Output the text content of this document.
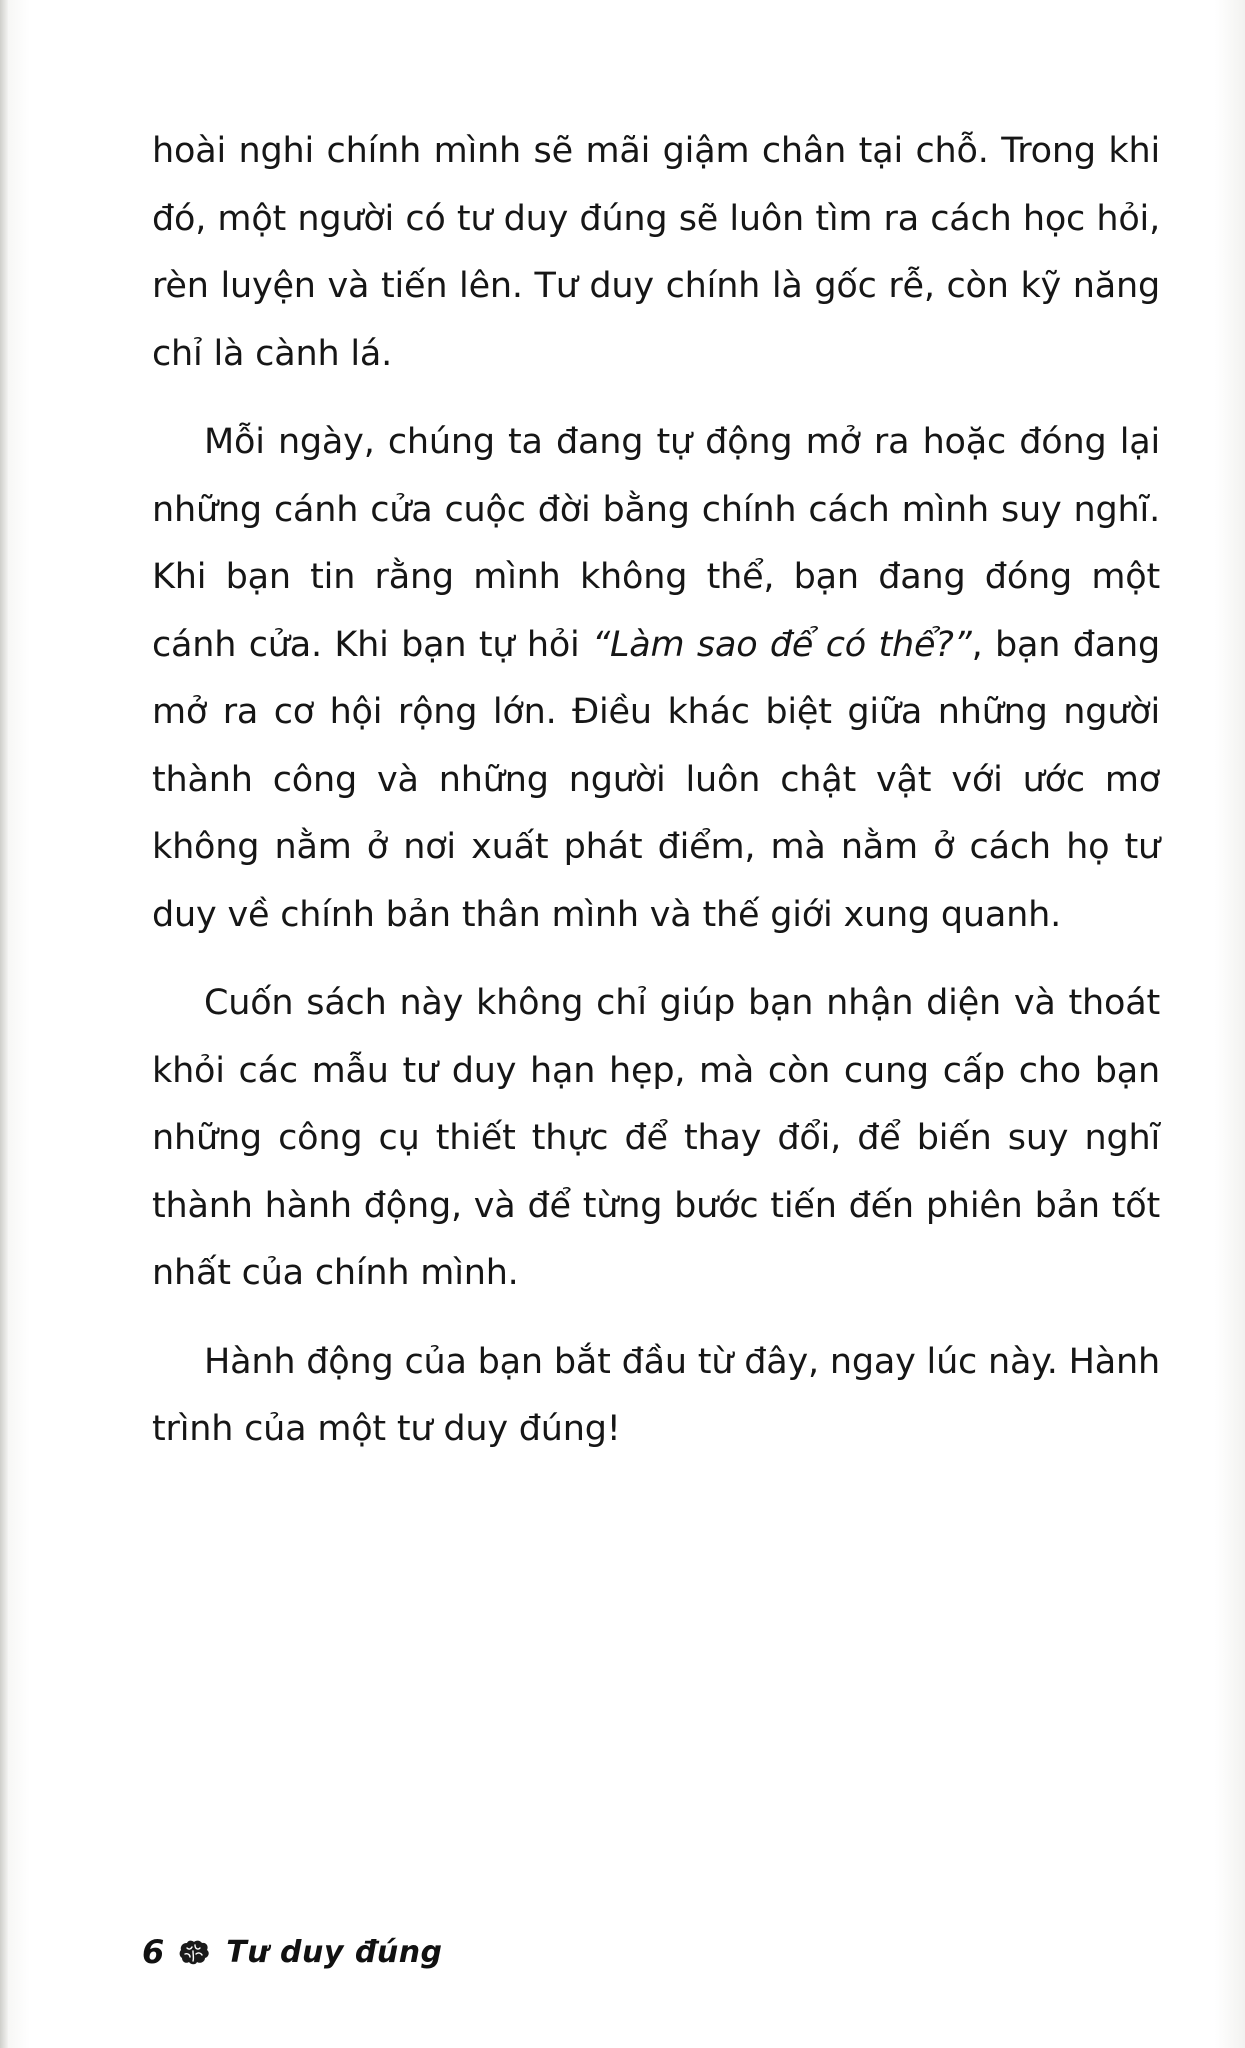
hoài nghi chính mình sẽ mãi giậm chân tại chỗ. Trong khi đó, một người có tư duy đúng sẽ luôn tìm ra cách học hỏi, rèn luyện và tiến lên. Tư duy chính là gốc rễ, còn kỹ năng chỉ là cành lá.

Mỗi ngày, chúng ta đang tự động mở ra hoặc đóng lại những cánh cửa cuộc đời bằng chính cách mình suy nghĩ. Khi bạn tin rằng mình không thể, bạn đang đóng một cánh cửa. Khi bạn tự hỏi “Làm sao để có thể?”, bạn đang mở ra cơ hội rộng lớn. Điều khác biệt giữa những người thành công và những người luôn chật vật với ước mơ không nằm ở nơi xuất phát điểm, mà nằm ở cách họ tư duy về chính bản thân mình và thế giới xung quanh.

Cuốn sách này không chỉ giúp bạn nhận diện và thoát khỏi các mẫu tư duy hạn hẹp, mà còn cung cấp cho bạn những công cụ thiết thực để thay đổi, để biến suy nghĩ thành hành động, và để từng bước tiến đến phiên bản tốt nhất của chính mình.

Hành động của bạn bắt đầu từ đây, ngay lúc này. Hành trình của một tư duy đúng!

6 Tư duy đúng
